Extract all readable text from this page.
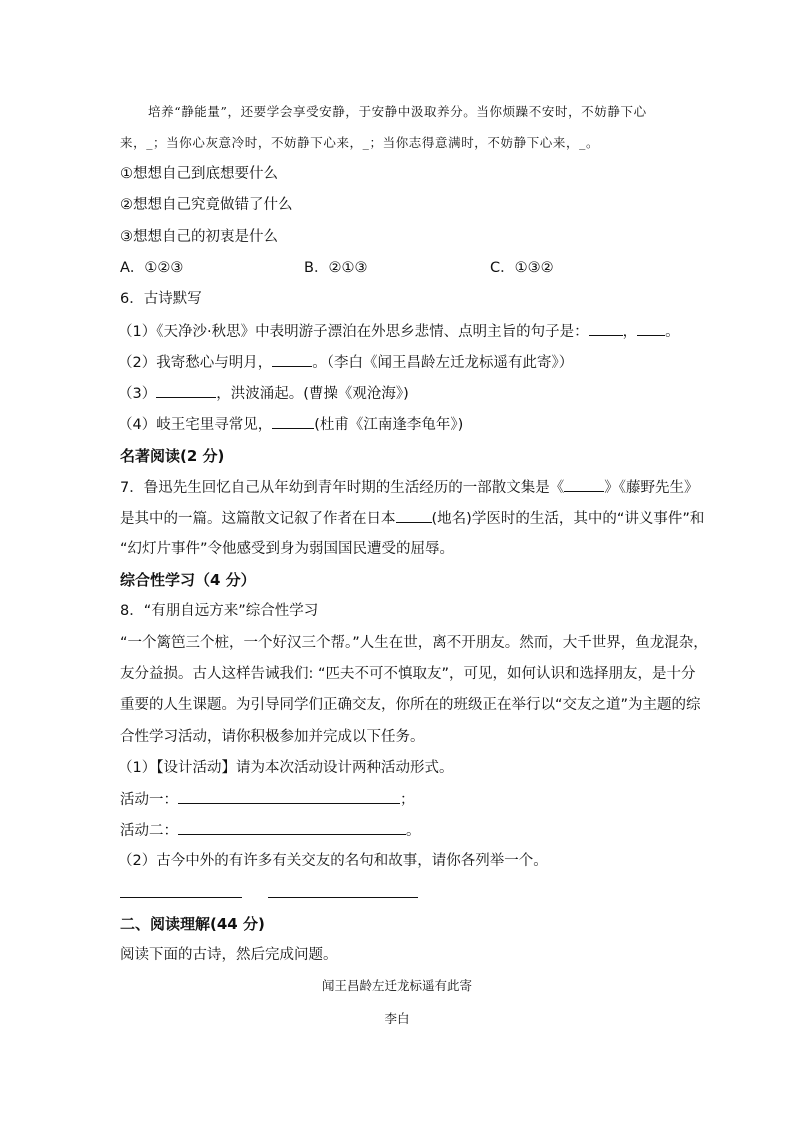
培养“静能量”，还要学会享受安静，于安静中汲取养分。当你烦躁不安时，不妨静下心
来，_；当你心灰意冷时，不妨静下心来，_；当你志得意满时，不妨静下心来，_。
①想想自己到底想要什么
②想想自己究竟做错了什么
③想想自己的初衷是什么
A．①②③	B．②①③	C．①③②
6．古诗默写
（1）《天净沙·秋思》中表明游子漂泊在外思乡悲情、点明主旨的句子是： ， 。
（2）我寄愁心与明月，	。（李白《闻王昌龄左迁龙标遥有此寄》）
（3）	，洪波涌起。(曹操《观沧海》)
（4）岐王宅里寻常见，	(杜甫《江南逢李龟年》)
名著阅读(2 分)
7．鲁迅先生回忆自己从年幼到青年时期的生活经历的一部散文集是《	》《藤野先生》
是其中的一篇。这篇散文记叙了作者在日本 (地名)学医时的生活，其中的“讲义事件”和
“幻灯片事件”令他感受到身为弱国国民遭受的屈辱。
综合性学习（4 分）
8．“有朋自远方来”综合性学习
“一个篱笆三个桩，一个好汉三个帮。”人生在世，离不开朋友。然而，大千世界，鱼龙混杂，
友分益损。古人这样告诫我们: “匹夫不可不慎取友”，可见，如何认识和选择朋友，是十分
重要的人生课题。为引导同学们正确交友，你所在的班级正在举行以“交友之道”为主题的综
合性学习活动，请你积极参加并完成以下任务。
（1）【设计活动】请为本次活动设计两种活动形式。
活动一：	；
活动二：	。
（2）古今中外的有许多有关交友的名句和故事，请你各列举一个。
二、阅读理解(44 分)
阅读下面的古诗，然后完成问题。
闻王昌龄左迁龙标遥有此寄
李白
